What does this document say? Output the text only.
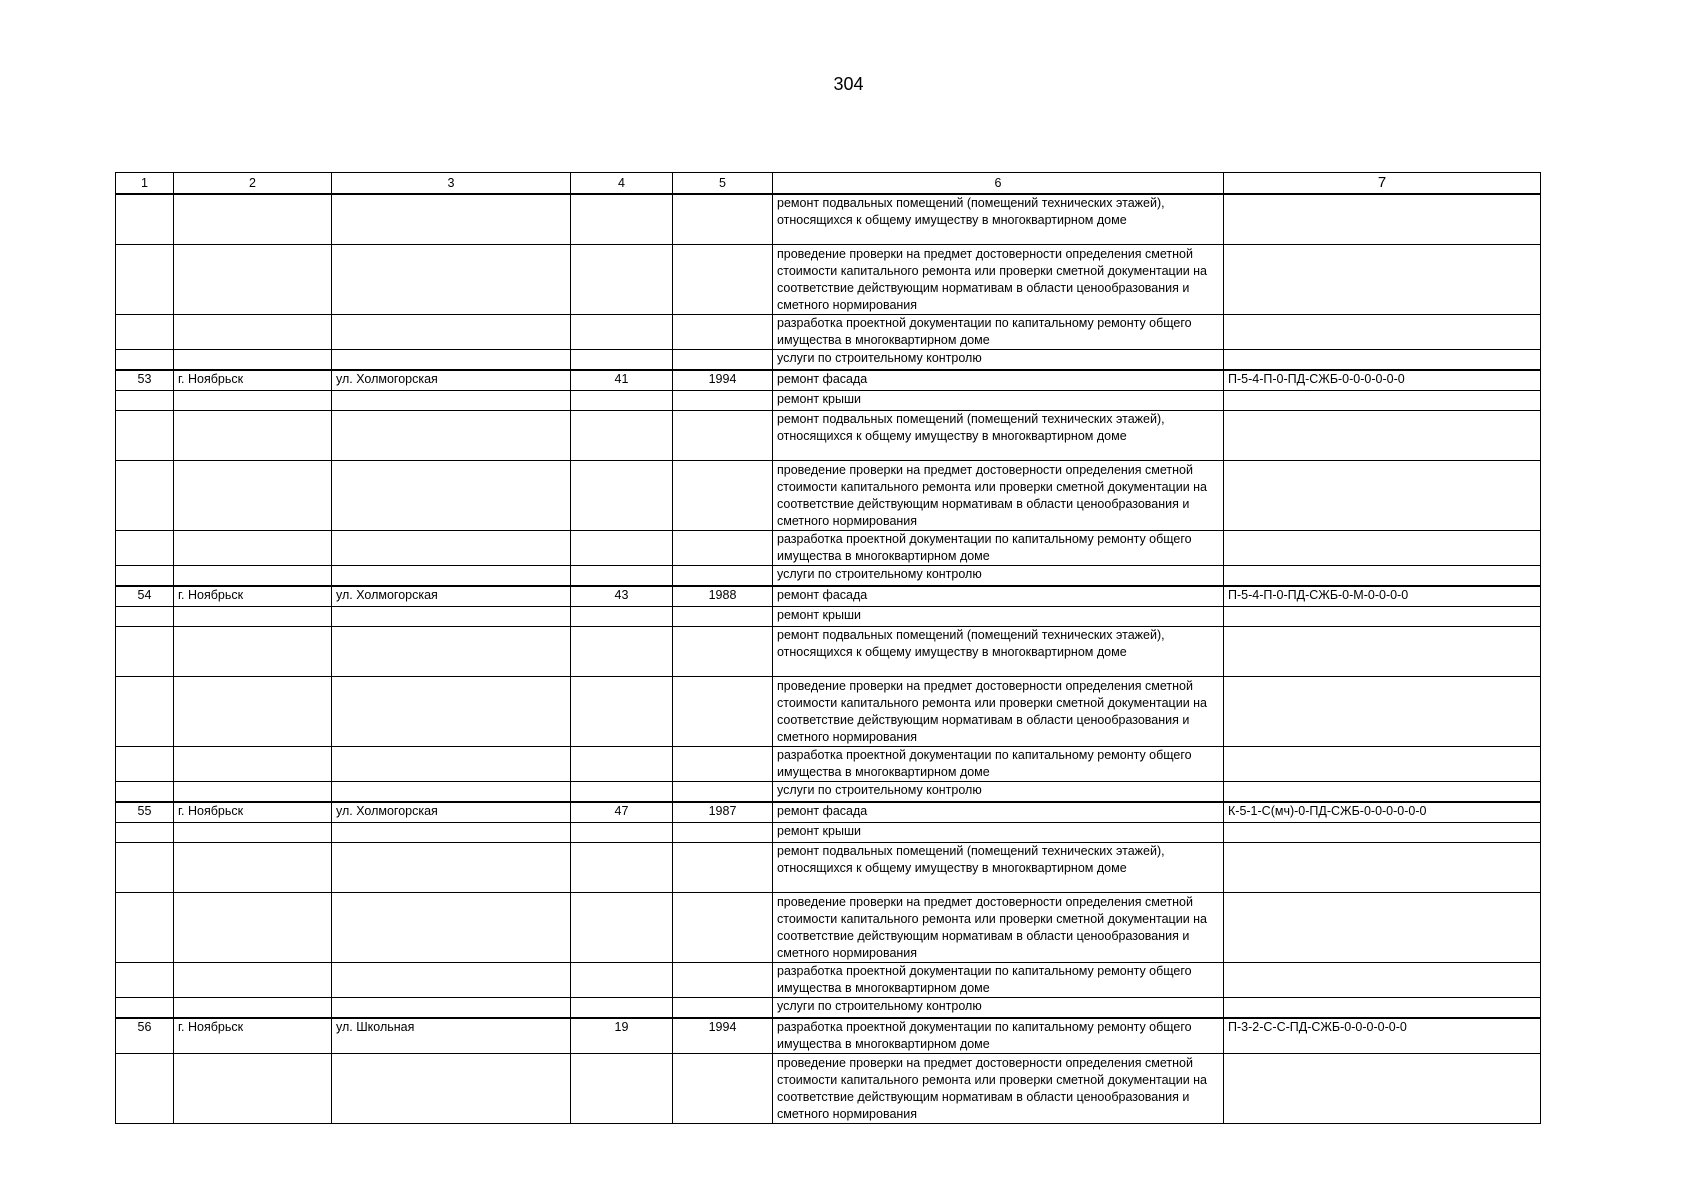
304
1	2	3	4	5	6	7
					ремонт подвальных помещений (помещений технических этажей), относящихся к общему имуществу в многоквартирном доме	
					проведение проверки на предмет достоверности определения сметной стоимости капитального ремонта или проверки сметной документации на соответствие действующим нормативам в области ценообразования и сметного нормирования	
					разработка проектной документации по капитальному ремонту общего имущества в многоквартирном доме	
					услуги по строительному контролю	
53	г. Ноябрьск	ул. Холмогорская	41	1994	ремонт фасада	П-5-4-П-0-ПД-СЖБ-0-0-0-0-0-0
					ремонт крыши	
					ремонт подвальных помещений (помещений технических этажей), относящихся к общему имуществу в многоквартирном доме	
					проведение проверки на предмет достоверности определения сметной стоимости капитального ремонта или проверки сметной документации на соответствие действующим нормативам в области ценообразования и сметного нормирования	
					разработка проектной документации по капитальному ремонту общего имущества в многоквартирном доме	
					услуги по строительному контролю	
54	г. Ноябрьск	ул. Холмогорская	43	1988	ремонт фасада	П-5-4-П-0-ПД-СЖБ-0-М-0-0-0-0
					ремонт крыши	
					ремонт подвальных помещений (помещений технических этажей), относящихся к общему имуществу в многоквартирном доме	
					проведение проверки на предмет достоверности определения сметной стоимости капитального ремонта или проверки сметной документации на соответствие действующим нормативам в области ценообразования и сметного нормирования	
					разработка проектной документации по капитальному ремонту общего имущества в многоквартирном доме	
					услуги по строительному контролю	
55	г. Ноябрьск	ул. Холмогорская	47	1987	ремонт фасада	К-5-1-С(мч)-0-ПД-СЖБ-0-0-0-0-0-0
					ремонт крыши	
					ремонт подвальных помещений (помещений технических этажей), относящихся к общему имуществу в многоквартирном доме	
					проведение проверки на предмет достоверности определения сметной стоимости капитального ремонта или проверки сметной документации на соответствие действующим нормативам в области ценообразования и сметного нормирования	
					разработка проектной документации по капитальному ремонту общего имущества в многоквартирном доме	
					услуги по строительному контролю	
56	г. Ноябрьск	ул. Школьная	19	1994	разработка проектной документации по капитальному ремонту общего имущества в многоквартирном доме	П-3-2-С-С-ПД-СЖБ-0-0-0-0-0-0
					проведение проверки на предмет достоверности определения сметной стоимости капитального ремонта или проверки сметной документации на соответствие действующим нормативам в области ценообразования и сметного нормирования	
